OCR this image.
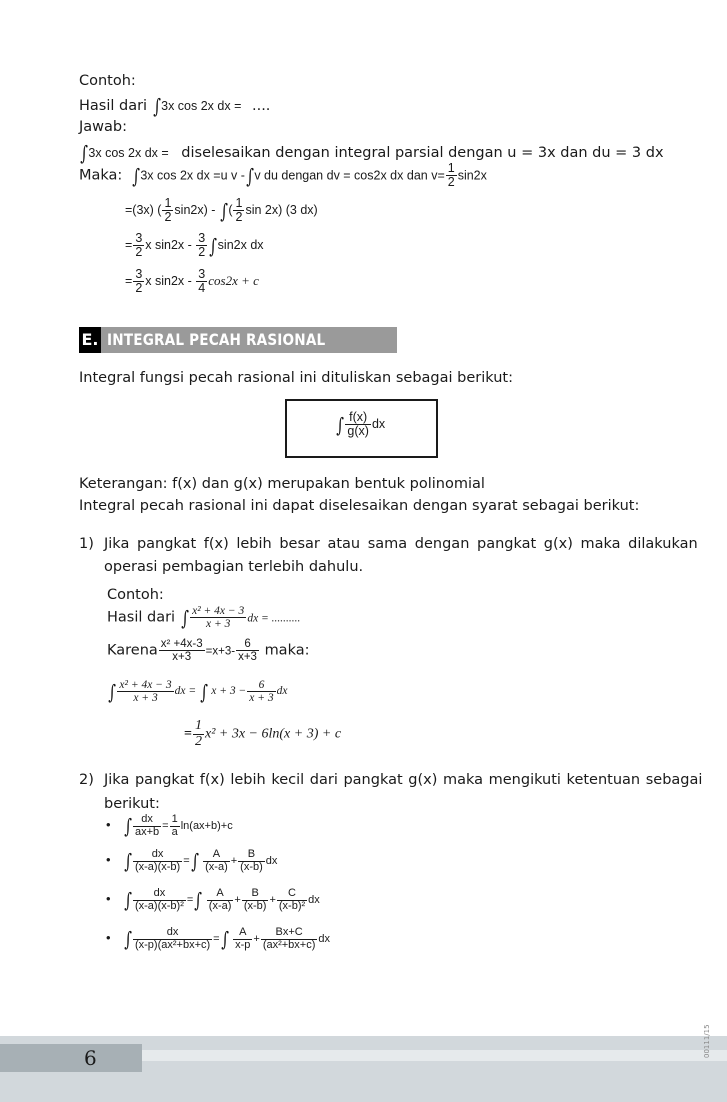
Contoh:
Hasil dari ∫3x cos 2x dx = ....
Jawab:
∫3x cos 2x dx = diselesaikan dengan integral parsial dengan u = 3x dan du = 3 dx
Maka: ∫3x cos 2x dx =u v -∫v du dengan dv = cos2x dx dan $v= \frac{1}{2} \sin 2x$
=(3x) ( $\frac{1}{2} \sin 2x$) - ∫( $\frac{1}{2}$ sin 2x) (3 dx)
= $\frac{3}{2}$ x $\sin 2x - \frac{3}{2} \int\sin 2x$ dx
= $\frac{3}{2}$ x $\sin 2x - \frac{3}{4} \cos 2x + c$
E. INTEGRAL PECAH RASIONAL
Integral fungsi pecah rasional ini dituliskan sebagai berikut:
∫ $\frac{f(x)}{g(x)}$ dx
Keterangan: f(x) dan g(x) merupakan bentuk polinomial
Integral pecah rasional ini dapat diselesaikan dengan syarat sebagai berikut:
1) Jika pangkat f(x) lebih besar atau sama dengan pangkat g(x) maka dilakukan
operasi pembagian terlebih dahulu.
Contoh:
Hasil dari ∫ $\frac{\text{x² + 4x − 3}}{x + 3}$ dx = ..........
Karena $\frac{\text{x² +4x-3}}{x+3} =x+3- \frac{6}{x+3}$ maka:
∫ $\frac{\text{x² + 4x − 3}}{x + 3}$ dx = ∫ $x + 3 - \frac{6}{x + 3}$ dx
= $\frac{1}{2} x^2 + 3x - 6\ln(x + 3) + c$
2) Jika pangkat f(x) lebih kecil dari pangkat g(x) maka mengikuti ketentuan sebagai
berikut:
• ∫ $\frac{dx}{ax+b} = \frac{1}{a} \ln(ax+b)+c$
• ∫ $\frac{dx}{(x-a)(x-b)}$ =∫ $\frac{A}{(x-a)} + \frac{B}{(x-b)}$ dx
• ∫ $\frac{dx}{\text{(x-a)(x-b)²}}$ =∫ $\frac{A}{(x-a)} + \frac{B}{(x-b)} + \frac{C}{\text{(x-b)²}}$ dx
• ∫ $\frac{dx}{\text{(x-p)(ax²+bx+c)}}$ =∫ $\frac{A}{x-p} + \frac{Bx+C}{\text{(ax²+bx+c)}}$ dx
6	00111/15
